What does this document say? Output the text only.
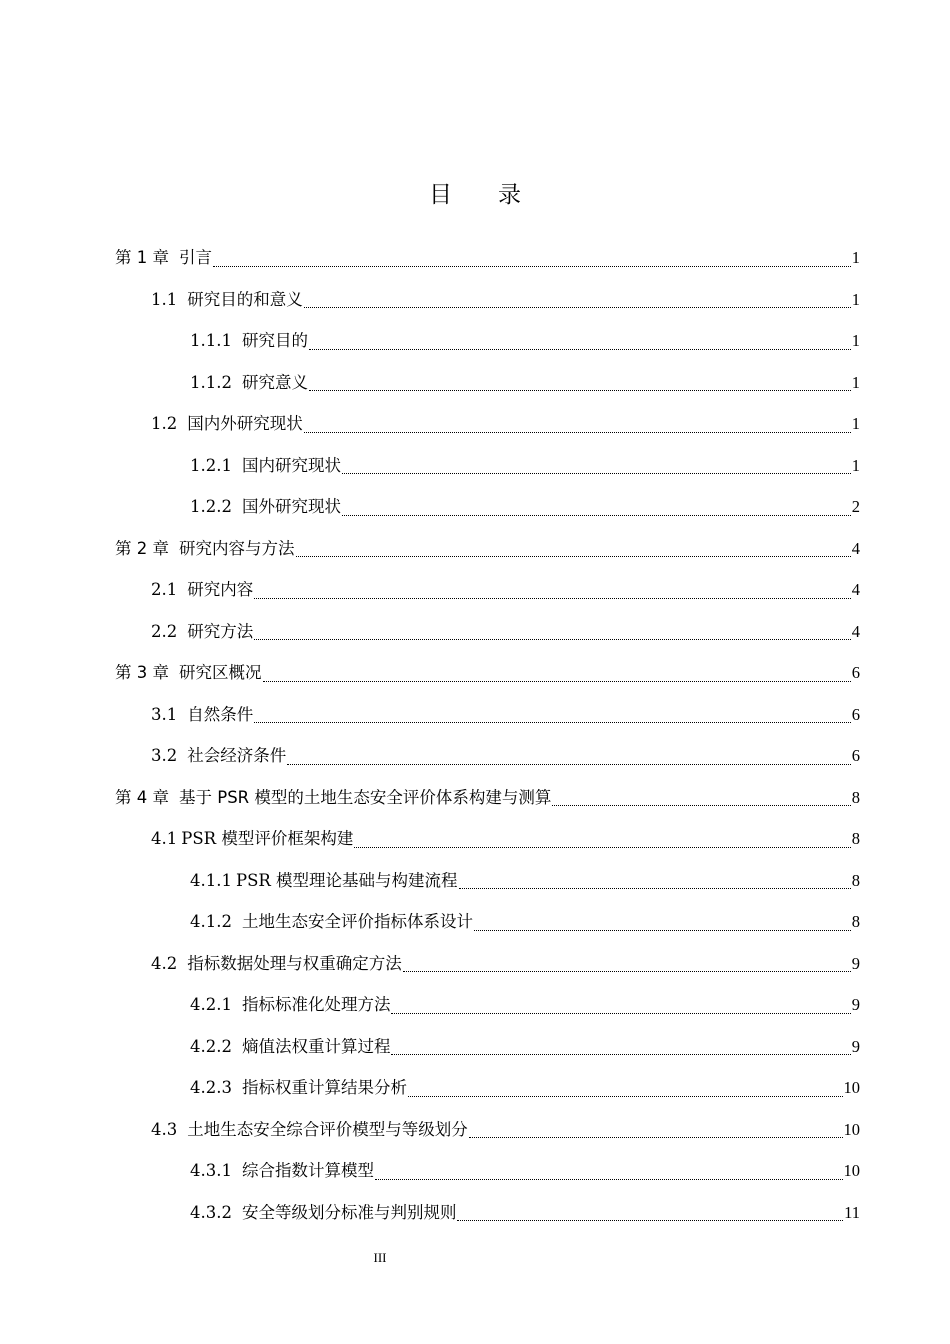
目 录
第 1 章 引言	1
1.1 研究目的和意义	1
1.1.1 研究目的	1
1.1.2 研究意义	1
1.2 国内外研究现状	1
1.2.1 国内研究现状	1
1.2.2 国外研究现状	2
第 2 章 研究内容与方法	4
2.1 研究内容	4
2.2 研究方法	4
第 3 章 研究区概况	6
3.1 自然条件	6
3.2 社会经济条件	6
第 4 章 基于 PSR 模型的土地生态安全评价体系构建与测算	8
4.1 PSR 模型评价框架构建	8
4.1.1 PSR 模型理论基础与构建流程	8
4.1.2 土地生态安全评价指标体系设计	8
4.2 指标数据处理与权重确定方法	9
4.2.1 指标标准化处理方法	9
4.2.2 熵值法权重计算过程	9
4.2.3 指标权重计算结果分析	10
4.3 土地生态安全综合评价模型与等级划分	10
4.3.1 综合指数计算模型	10
4.3.2 安全等级划分标准与判别规则	11
III
